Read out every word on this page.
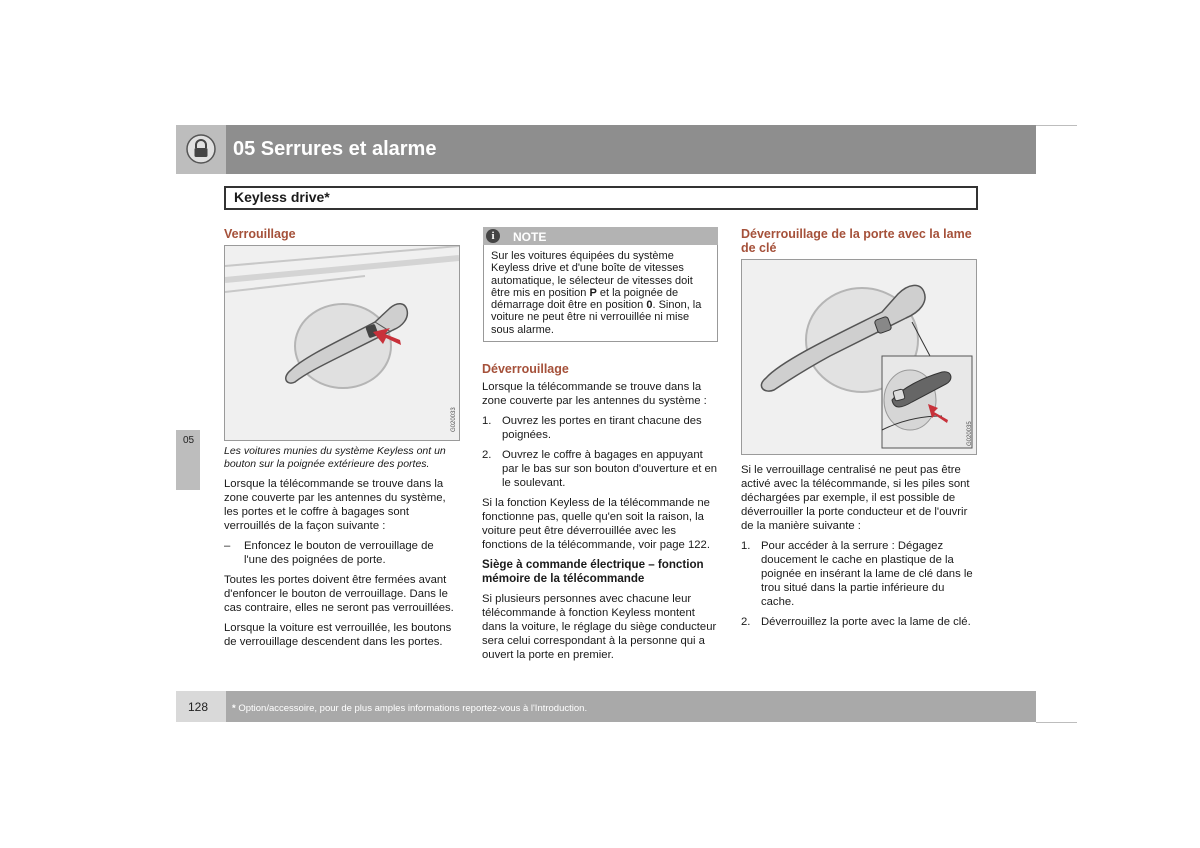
05 Serrures et alarme
Keyless drive*
05
Verrouillage
G020033

Les voitures munies du système Keyless ont un bouton sur la poignée extérieure des portes.

Lorsque la télécommande se trouve dans la zone couverte par les antennes du système, les portes et le coffre à bagages sont verrouillés de la façon suivante :

– Enfoncez le bouton de verrouillage de l'une des poignées de porte.

Toutes les portes doivent être fermées avant d'enfoncer le bouton de verrouillage. Dans le cas contraire, elles ne seront pas verrouillées.

Lorsque la voiture est verrouillée, les boutons de verrouillage descendent dans les portes.

i	NOTE
Sur les voitures équipées du système Keyless drive et d'une boîte de vitesses automatique, le sélecteur de vitesses doit être mis en position P et la poignée de démarrage doit être en position 0. Sinon, la voiture ne peut être ni verrouillée ni mise sous alarme.
Déverrouillage

Lorsque la télécommande se trouve dans la zone couverte par les antennes du système :

1. Ouvrez les portes en tirant chacune des poignées.
2. Ouvrez le coffre à bagages en appuyant par le bas sur son bouton d'ouverture et en le soulevant.

Si la fonction Keyless de la télécommande ne fonctionne pas, quelle qu'en soit la raison, la voiture peut être déverrouillée avec les fonctions de la télécommande, voir page 122.

Siège à commande électrique – fonction mémoire de la télécommande

Si plusieurs personnes avec chacune leur télécommande à fonction Keyless montent dans la voiture, le réglage du siège conducteur sera celui correspondant à la personne qui a ouvert la porte en premier.

Déverrouillage de la porte avec la lame de clé
G020035

Si le verrouillage centralisé ne peut pas être activé avec la télécommande, si les piles sont déchargées par exemple, il est possible de déverrouiller la porte conducteur et de l'ouvrir de la manière suivante :

1. Pour accéder à la serrure : Dégagez doucement le cache en plastique de la poignée en insérant la lame de clé dans le trou situé dans la partie inférieure du cache.
2. Déverrouillez la porte avec la lame de clé.
128	* Option/accessoire, pour de plus amples informations reportez-vous à l'Introduction.
